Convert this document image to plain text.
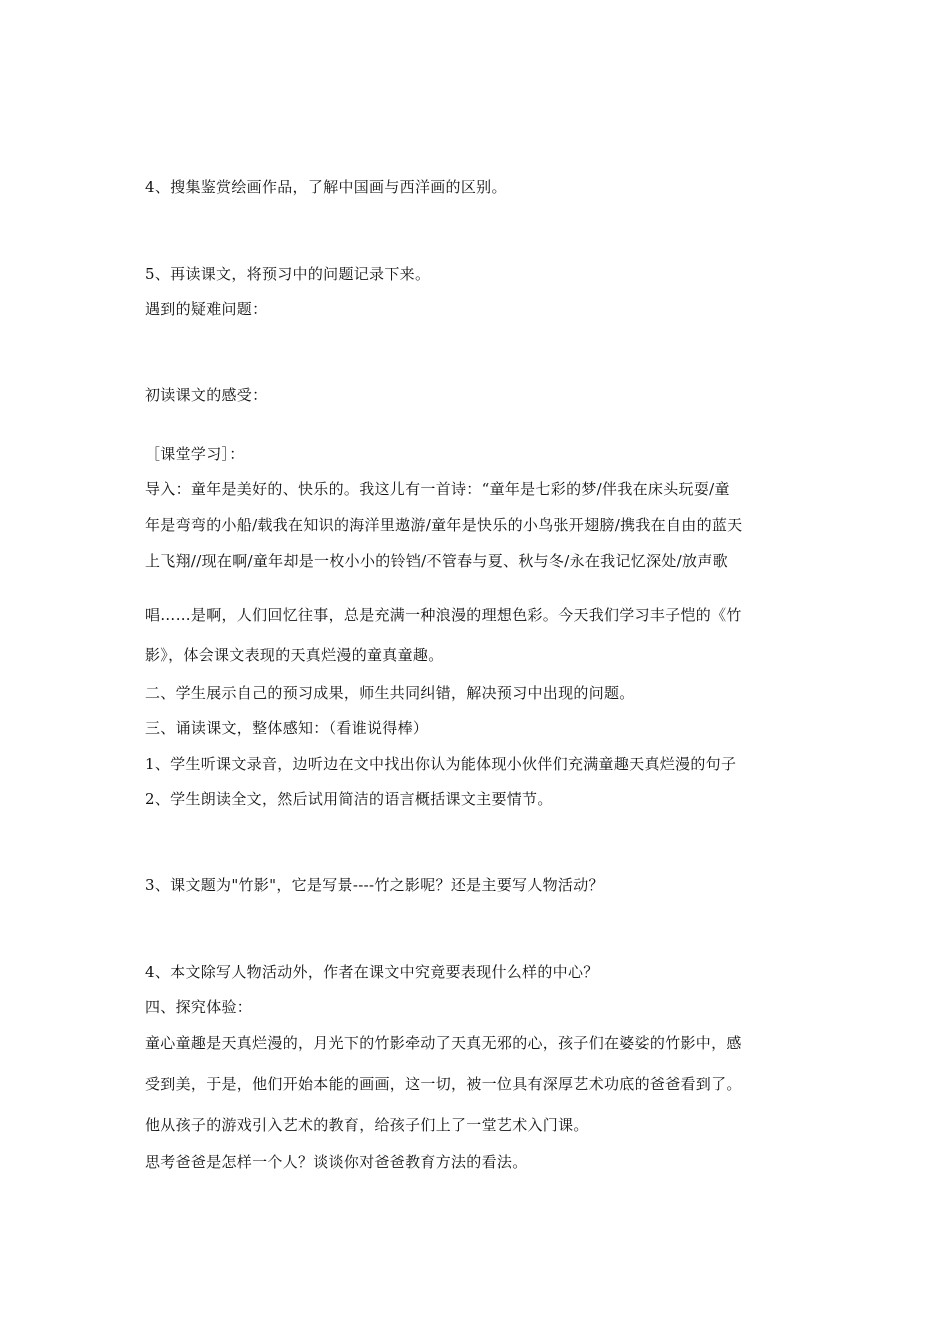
4、搜集鉴赏绘画作品，了解中国画与西洋画的区别。
5、再读课文，将预习中的问题记录下来。
遇到的疑难问题：
初读课文的感受：
［课堂学习］：
导入：童年是美好的、快乐的。我这儿有一首诗：“童年是七彩的梦/伴我在床头玩耍/童
年是弯弯的小船/载我在知识的海洋里遨游/童年是快乐的小鸟张开翅膀/携我在自由的蓝天
上飞翔//现在啊/童年却是一枚小小的铃铛/不管春与夏、秋与冬/永在我记忆深处/放声歌
唱……是啊，人们回忆往事，总是充满一种浪漫的理想色彩。今天我们学习丰子恺的《竹
影》，体会课文表现的天真烂漫的童真童趣。
二、学生展示自己的预习成果，师生共同纠错，解决预习中出现的问题。
三、诵读课文，整体感知：（看谁说得棒）
1、学生听课文录音，边听边在文中找出你认为能体现小伙伴们充满童趣天真烂漫的句子
2、学生朗读全文，然后试用简洁的语言概括课文主要情节。
3、课文题为"竹影"，它是写景----竹之影呢？还是主要写人物活动？
4、本文除写人物活动外，作者在课文中究竟要表现什么样的中心？
四、探究体验：
童心童趣是天真烂漫的，月光下的竹影牵动了天真无邪的心，孩子们在婆娑的竹影中，感
受到美，于是，他们开始本能的画画，这一切，被一位具有深厚艺术功底的爸爸看到了。
他从孩子的游戏引入艺术的教育，给孩子们上了一堂艺术入门课。
思考爸爸是怎样一个人？谈谈你对爸爸教育方法的看法。
